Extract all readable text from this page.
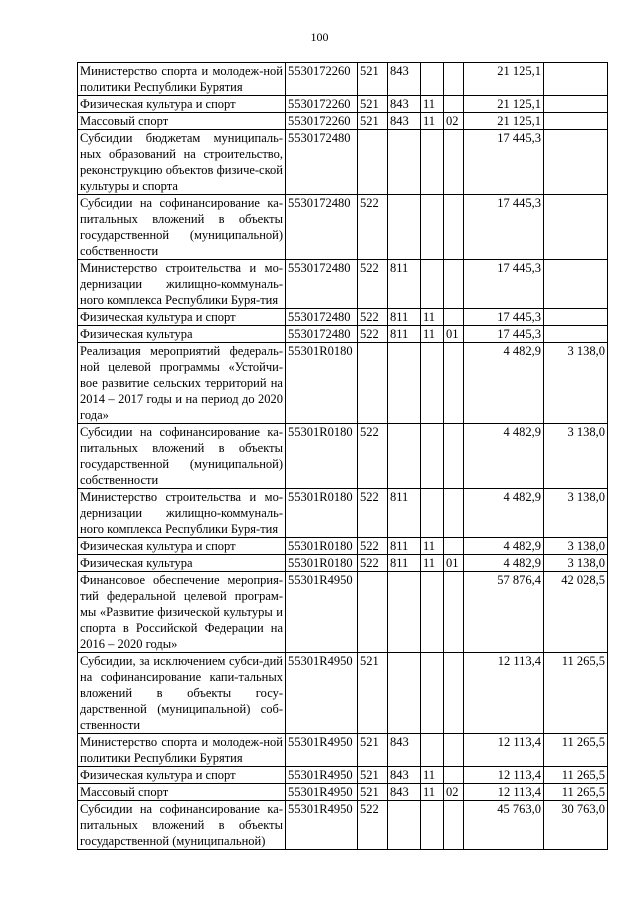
100
Министерство спорта и молодеж-ной политики Республики Бурятия	5530172260	521	843			21 125,1	
Физическая культура и спорт	5530172260	521	843	11		21 125,1	
Массовый спорт	5530172260	521	843	11	02	21 125,1	
Субсидии бюджетам муниципаль-ных образований на строительство, реконструкцию объектов физиче-ской культуры и спорта	5530172480					17 445,3	
Субсидии на софинансирование ка-питальных вложений в объекты государственной (муниципальной) собственности	5530172480	522				17 445,3	
Министерство строительства и мо-дернизации жилищно-коммуналь-ного комплекса Республики Буря-тия	5530172480	522	811			17 445,3	
Физическая культура и спорт	5530172480	522	811	11		17 445,3	
Физическая культура	5530172480	522	811	11	01	17 445,3	
Реализация мероприятий федераль-ной целевой программы «Устойчи-вое развитие сельских территорий на 2014 – 2017 годы и на период до 2020 года»	55301R0180					4 482,9	3 138,0
Субсидии на софинансирование ка-питальных вложений в объекты государственной (муниципальной) собственности	55301R0180	522				4 482,9	3 138,0
Министерство строительства и мо-дернизации жилищно-коммуналь-ного комплекса Республики Буря-тия	55301R0180	522	811			4 482,9	3 138,0
Физическая культура и спорт	55301R0180	522	811	11		4 482,9	3 138,0
Физическая культура	55301R0180	522	811	11	01	4 482,9	3 138,0
Финансовое обеспечение мероприя-тий федеральной целевой програм-мы «Развитие физической культуры и спорта в Российской Федерации на 2016 – 2020 годы»	55301R4950					57 876,4	42 028,5
Субсидии, за исключением субси-дий на софинансирование капи-тальных вложений в объекты госу-дарственной (муниципальной) соб-ственности	55301R4950	521				12 113,4	11 265,5
Министерство спорта и молодеж-ной политики Республики Бурятия	55301R4950	521	843			12 113,4	11 265,5
Физическая культура и спорт	55301R4950	521	843	11		12 113,4	11 265,5
Массовый спорт	55301R4950	521	843	11	02	12 113,4	11 265,5
Субсидии на софинансирование ка-питальных вложений в объекты государственной (муниципальной)	55301R4950	522				45 763,0	30 763,0
